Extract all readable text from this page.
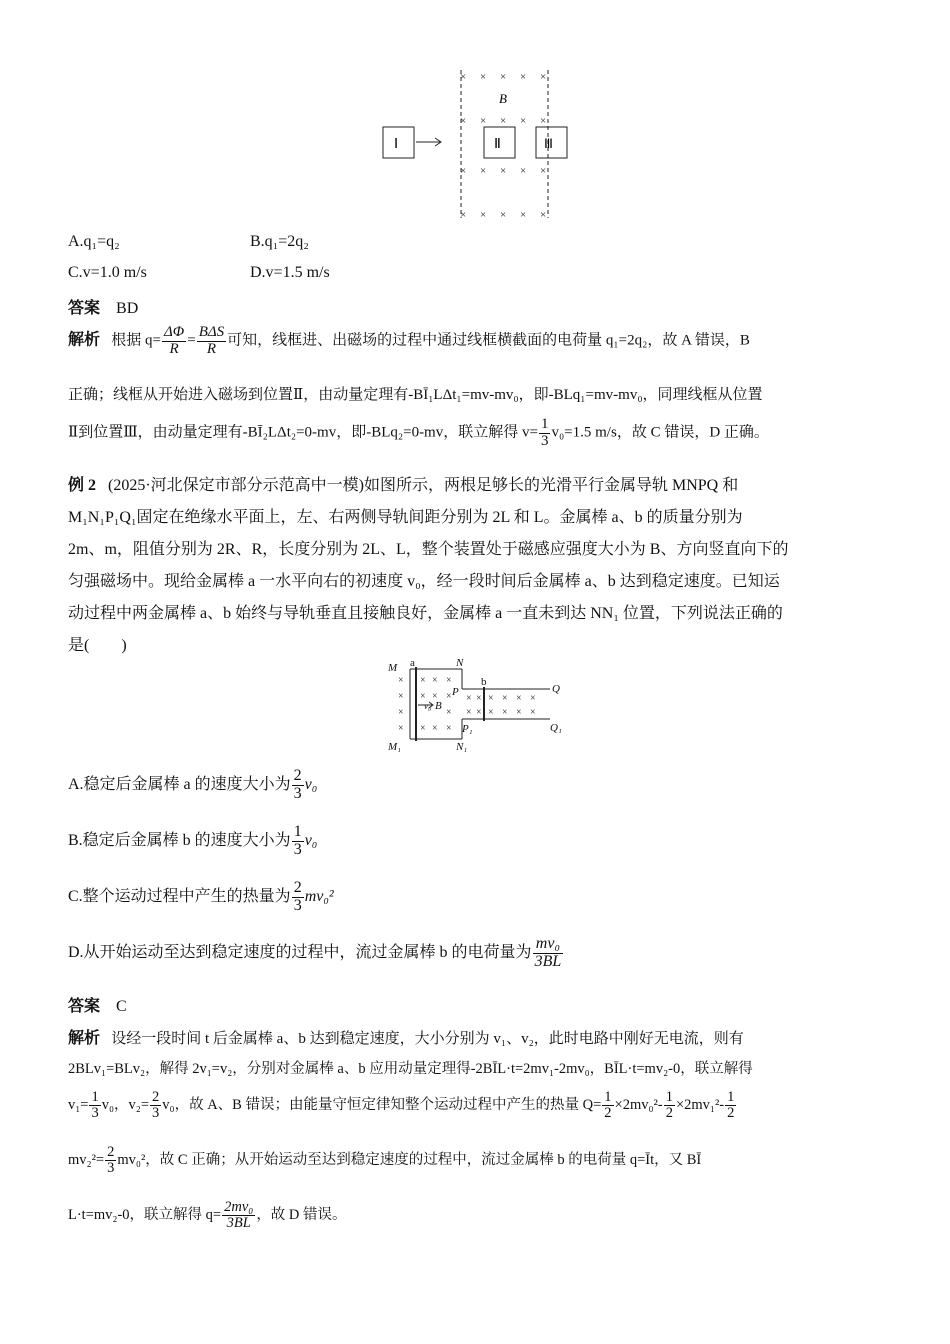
× × × × ×
× × × × ×
× × × × ×
× × × × ×
B
Ⅰ	Ⅱ	Ⅲ
A.q₁=q₂	B.q₁=2q₂
C.v=1.0 m/s	D.v=1.5 m/s
答案 BD
解析 根据 $q= \frac{\Delta\Phi}{R} = \frac{\text{BΔS}}{R}$ 可知，线框进、出磁场的过程中通过线框横截面的电荷量 q₁=2q₂，故 A 错误，B
正确；线框从开始进入磁场到位置Ⅱ，由动量定理有-BĪ₁LΔt₁=mv-mv₀，即-BLq₁=mv-mv₀，同理线框从位置
Ⅱ到位置Ⅲ，由动量定理有-BĪ₂LΔt₂=0-mv，即-BLq₂=0-mv，联立解得 $v= \frac{1}{3} v_0=1.5$ m/s，故 C 错误，D 正确。
例 2 (2025·河北保定市部分示范高中一模)如图所示，两根足够长的光滑平行金属导轨 MNPQ 和
M₁N₁P₁Q₁固定在绝缘水平面上，左、右两侧导轨间距分别为 2L 和 L。金属棒 a、b 的质量分别为
2m、m，阻值分别为 2R、R，长度分别为 2L、L，整个装置处于磁感应强度大小为 B、方向竖直向下的
匀强磁场中。现给金属棒 a 一水平向右的初速度 v₀，经一段时间后金属棒 a、b 达到稳定速度。已知运
动过程中两金属棒 a、b 始终与导轨垂直且接触良好，金属棒 a 一直未到达 NN₁ 位置，下列说法正确的
是(　　)
×
×
×
×
× × ×
× × ×
×
× × ×
× × × × × ×
× × × × × ×
M a	N
P
b
Q
v₀ B
P₁	Q₁
M₁	N₁
A.稳定后金属棒 a 的速度大小为 $\frac{2}{3} v_0$
B.稳定后金属棒 b 的速度大小为 $\frac{1}{3} v_0$
C.整个运动过程中产生的热量为 $\frac{2}{3} mv_0^2$
D.从开始运动至达到稳定速度的过程中，流过金属棒 b 的电荷量为 $\frac{\text{mv₀}}{3BL}$
答案 C
解析 设经一段时间 t 后金属棒 a、b 达到稳定速度，大小分别为 v₁、v₂，此时电路中刚好无电流，则有
2BLv₁=BLv₂，解得 2v₁=v₂，分别对金属棒 a、b 应用动量定理得-2BĪL·t=2mv₁-2mv₀，BĪL·t=mv₂-0，联立解得
$v_1= \frac{1}{3} v_0$，$v_2= \frac{2}{3} v_0$，故 A、B 错误；由能量守恒定律知整个运动过程中产生的热量 $Q= \frac{1}{2} \times 2mv_0^2- \frac{1}{2} \times 2mv_1^2- \frac{1}{2}$
$mv_2^2= \frac{2}{3} mv_0^2$，故 C 正确；从开始运动至达到稳定速度的过程中，流过金属棒 b 的电荷量 q=Īt，又 BĪ
L·t=mv₂-0，联立解得 $q= \frac{\text{2mv₀}}{3BL}$ ，故 D 错误。
